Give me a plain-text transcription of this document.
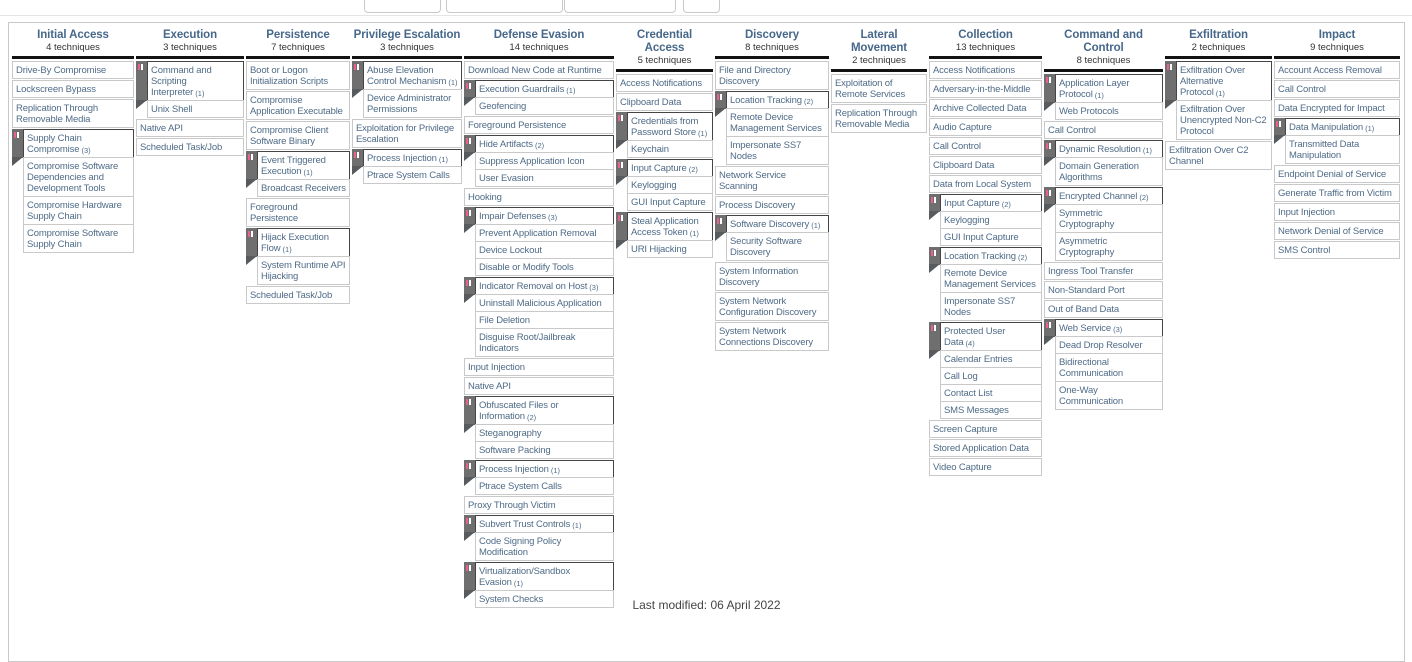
Initial Access
4 techniques
Drive-By Compromise
Lockscreen Bypass
Replication Through Removable Media
Supply Chain Compromise (3)
Compromise Software Dependencies and Development Tools
Compromise Hardware Supply Chain
Compromise Software Supply Chain
Execution
3 techniques
Command and Scripting Interpreter (1)
Unix Shell
Native API
Scheduled Task/Job
Persistence
7 techniques
Boot or Logon Initialization Scripts
Compromise Application Executable
Compromise Client Software Binary
Event Triggered Execution (1)
Broadcast Receivers
Foreground Persistence
Hijack Execution Flow (1)
System Runtime API Hijacking
Scheduled Task/Job
Privilege Escalation
3 techniques
Abuse Elevation Control Mechanism (1)
Device Administrator Permissions
Exploitation for Privilege Escalation
Process Injection (1)
Ptrace System Calls
Defense Evasion
14 techniques
Download New Code at Runtime
Execution Guardrails (1)
Geofencing
Foreground Persistence
Hide Artifacts (2)
Suppress Application Icon
User Evasion
Hooking
Impair Defenses (3)
Prevent Application Removal
Device Lockout
Disable or Modify Tools
Indicator Removal on Host (3)
Uninstall Malicious Application
File Deletion
Disguise Root/Jailbreak Indicators
Input Injection
Native API
Obfuscated Files or Information (2)
Steganography
Software Packing
Process Injection (1)
Ptrace System Calls
Proxy Through Victim
Subvert Trust Controls (1)
Code Signing Policy Modification
Virtualization/Sandbox Evasion (1)
System Checks
Credential Access
5 techniques
Access Notifications
Clipboard Data
Credentials from Password Store (1)
Keychain
Input Capture (2)
Keylogging
GUI Input Capture
Steal Application Access Token (1)
URI Hijacking
Discovery
8 techniques
File and Directory Discovery
Location Tracking (2)
Remote Device Management Services
Impersonate SS7 Nodes
Network Service Scanning
Process Discovery
Software Discovery (1)
Security Software Discovery
System Information Discovery
System Network Configuration Discovery
System Network Connections Discovery
Lateral Movement
2 techniques
Exploitation of Remote Services
Replication Through Removable Media
Collection
13 techniques
Access Notifications
Adversary-in-the-Middle
Archive Collected Data
Audio Capture
Call Control
Clipboard Data
Data from Local System
Input Capture (2)
Keylogging
GUI Input Capture
Location Tracking (2)
Remote Device Management Services
Impersonate SS7 Nodes
Protected User Data (4)
Calendar Entries
Call Log
Contact List
SMS Messages
Screen Capture
Stored Application Data
Video Capture
Command and Control
8 techniques
Application Layer Protocol (1)
Web Protocols
Call Control
Dynamic Resolution (1)
Domain Generation Algorithms
Encrypted Channel (2)
Symmetric Cryptography
Asymmetric Cryptography
Ingress Tool Transfer
Non-Standard Port
Out of Band Data
Web Service (3)
Dead Drop Resolver
Bidirectional Communication
One-Way Communication
Exfiltration
2 techniques
Exfiltration Over Alternative Protocol (1)
Exfiltration Over Unencrypted Non-C2 Protocol
Exfiltration Over C2 Channel
Impact
9 techniques
Account Access Removal
Call Control
Data Encrypted for Impact
Data Manipulation (1)
Transmitted Data Manipulation
Endpoint Denial of Service
Generate Traffic from Victim
Input Injection
Network Denial of Service
SMS Control
Last modified: 06 April 2022
